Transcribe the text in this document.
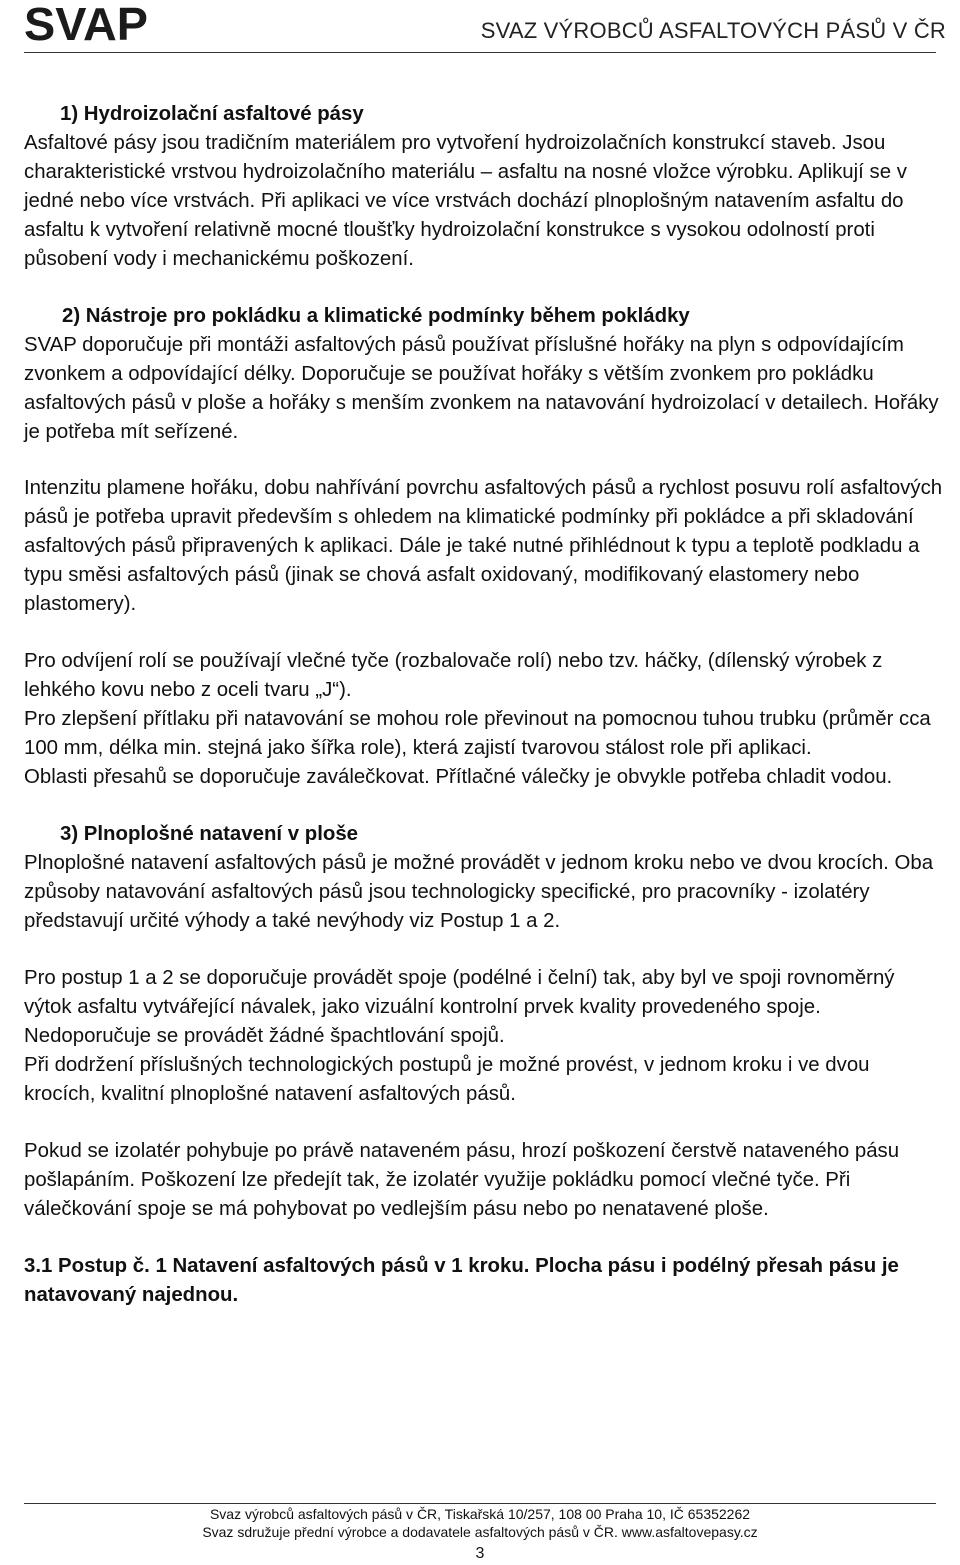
SVAP	SVAZ VÝROBCŮ ASFALTOVÝCH PÁSŮ V ČR

1) Hydroizolační asfaltové pásy

Asfaltové pásy jsou tradičním materiálem pro vytvoření hydroizolačních konstrukcí staveb. Jsou charakteristické vrstvou hydroizolačního materiálu – asfaltu na nosné vložce výrobku. Aplikují se v jedné nebo více vrstvách. Při aplikaci ve více vrstvách dochází plnoplošným natavením asfaltu do asfaltu k vytvoření relativně mocné tloušťky hydroizolační konstrukce s vysokou odolností proti působení vody i mechanickému poškození.

2) Nástroje pro pokládku a klimatické podmínky během pokládky

SVAP doporučuje při montáži asfaltových pásů používat příslušné hořáky na plyn s odpovídajícím zvonkem a odpovídající délky. Doporučuje se používat hořáky s větším zvonkem pro pokládku asfaltových pásů v ploše a hořáky s menším zvonkem na natavování hydroizolací v detailech. Hořáky je potřeba mít seřízené.

Intenzitu plamene hořáku, dobu nahřívání povrchu asfaltových pásů a rychlost posuvu rolí asfaltových pásů je potřeba upravit především s ohledem na klimatické podmínky při pokládce a při skladování asfaltových pásů připravených k aplikaci. Dále je také nutné přihlédnout k typu a teplotě podkladu a typu směsi asfaltových pásů (jinak se chová asfalt oxidovaný, modifikovaný elastomery nebo plastomery).

Pro odvíjení rolí se používají vlečné tyče (rozbalovače rolí) nebo tzv. háčky, (dílenský výrobek z lehkého kovu nebo z oceli tvaru „J“).
Pro zlepšení přítlaku při natavování se mohou role převinout na pomocnou tuhou trubku (průměr cca 100 mm, délka min. stejná jako šířka role), která zajistí tvarovou stálost role při aplikaci.
Oblasti přesahů se doporučuje zaválečkovat. Přítlačné válečky je obvykle potřeba chladit vodou.

3) Plnoplošné natavení v ploše

Plnoplošné natavení asfaltových pásů je možné provádět v jednom kroku nebo ve dvou krocích. Oba způsoby natavování asfaltových pásů jsou technologicky specifické, pro pracovníky - izolatéry představují určité výhody a také nevýhody viz Postup 1 a 2.

Pro postup 1 a 2 se doporučuje provádět spoje (podélné i čelní) tak, aby byl ve spoji rovnoměrný výtok asfaltu vytvářející návalek, jako vizuální kontrolní prvek kvality provedeného spoje. Nedoporučuje se provádět žádné špachtlování spojů.
Při dodržení příslušných technologických postupů je možné provést, v jednom kroku i ve dvou krocích, kvalitní plnoplošné natavení asfaltových pásů.

Pokud se izolatér pohybuje po právě nataveném pásu, hrozí poškození čerstvě nataveného pásu pošlapáním. Poškození lze předejít tak, že izolatér využije pokládku pomocí vlečné tyče. Při válečkování spoje se má pohybovat po vedlejším pásu nebo po nenatavené ploše.

3.1 Postup č. 1 Natavení asfaltových pásů v 1 kroku. Plocha pásu i podélný přesah pásu je natavovaný najednou.

Svaz výrobců asfaltových pásů v ČR, Tiskařská 10/257, 108 00 Praha 10, IČ 65352262
Svaz sdružuje přední výrobce a dodavatele asfaltových pásů v ČR. www.asfaltovepasy.cz
3
